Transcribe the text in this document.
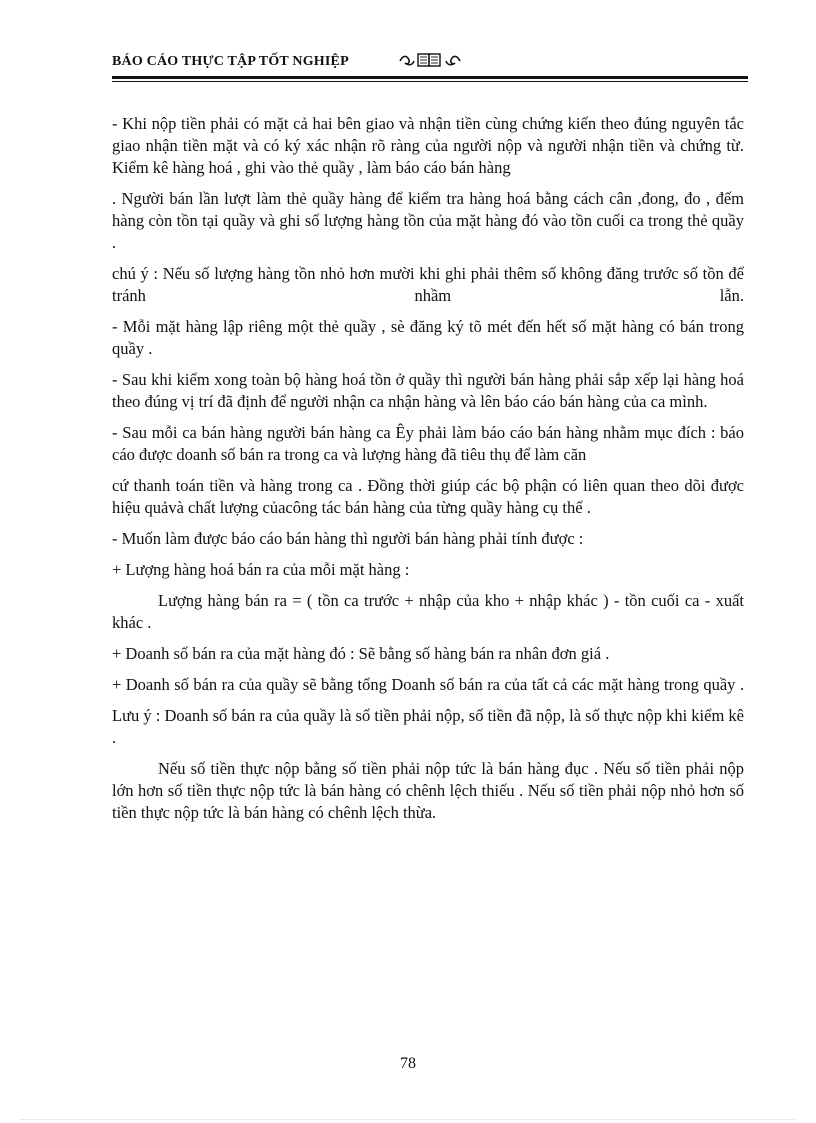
BÁO CÁO THỰC TẬP TỐT NGHIỆP

- Khi nộp tiền phải có mặt cả hai bên giao và nhận tiền cùng chứng kiến theo đúng nguyên tắc giao nhận tiền mặt và có ký xác nhận rõ ràng của người nộp và người nhận tiền và chứng từ. Kiểm kê hàng hoá , ghi vào thẻ quầy , làm báo cáo bán hàng

. Người bán lần lượt làm thẻ quầy hàng để kiểm tra hàng hoá bằng cách cân ,đong, đo , đếm hàng còn tồn tại quầy và ghi số lượng hàng tồn của mặt hàng đó vào tồn cuối ca trong thẻ quầy .

chú ý : Nếu số lượng hàng tồn nhỏ hơn mười khi ghi phải thêm số không đăng trước số tồn để tránh nhầm lẫn.

- Mỗi mặt hàng lập riêng một thẻ quầy , sè đăng ký tõ mét đến hết số mặt hàng có bán trong quầy .

- Sau khi kiểm xong toàn bộ hàng hoá tồn ở quầy thì người bán hàng phải sắp xếp lại hàng hoá theo đúng vị trí đã định để người nhận ca nhận hàng và lên báo cáo bán hàng của ca mình.

- Sau mỗi ca bán hàng người bán hàng ca Êy phải làm báo cáo bán hàng nhằm mục đích : báo cáo được doanh số bán ra trong ca và lượng hàng đã tiêu thụ để làm căn

cứ thanh toán tiền và hàng trong ca . Đồng thời giúp các bộ phận có liên quan theo dõi được hiệu quảvà chất lượng củacông tác bán hàng của từng quầy hàng cụ thể .

- Muốn làm được báo cáo bán hàng thì người bán hàng phải tính được :

+ Lượng hàng hoá bán ra của mỗi mặt hàng :

Lượng hàng bán ra = ( tồn ca trước + nhập của kho + nhập khác ) - tồn cuối ca - xuất khác .

+ Doanh số bán ra của mặt hàng đó : Sẽ bằng số hàng bán ra nhân đơn giá .

+ Doanh số bán ra của quầy sẽ bằng tổng Doanh số bán ra của tất cả các mặt hàng trong quầy .

Lưu ý : Doanh số bán ra của quầy là số tiền phải nộp, số tiền đã nộp, là số thực nộp khi kiểm kê .

Nếu số tiền thực nộp bằng số tiền phải nộp tức là bán hàng đục . Nếu số tiền phải nộp lớn hơn số tiền thực nộp tức là bán hàng có chênh lệch thiếu . Nếu số tiền phải nộp nhỏ hơn số tiền thực nộp tức là bán hàng có chênh lệch thừa.

78
